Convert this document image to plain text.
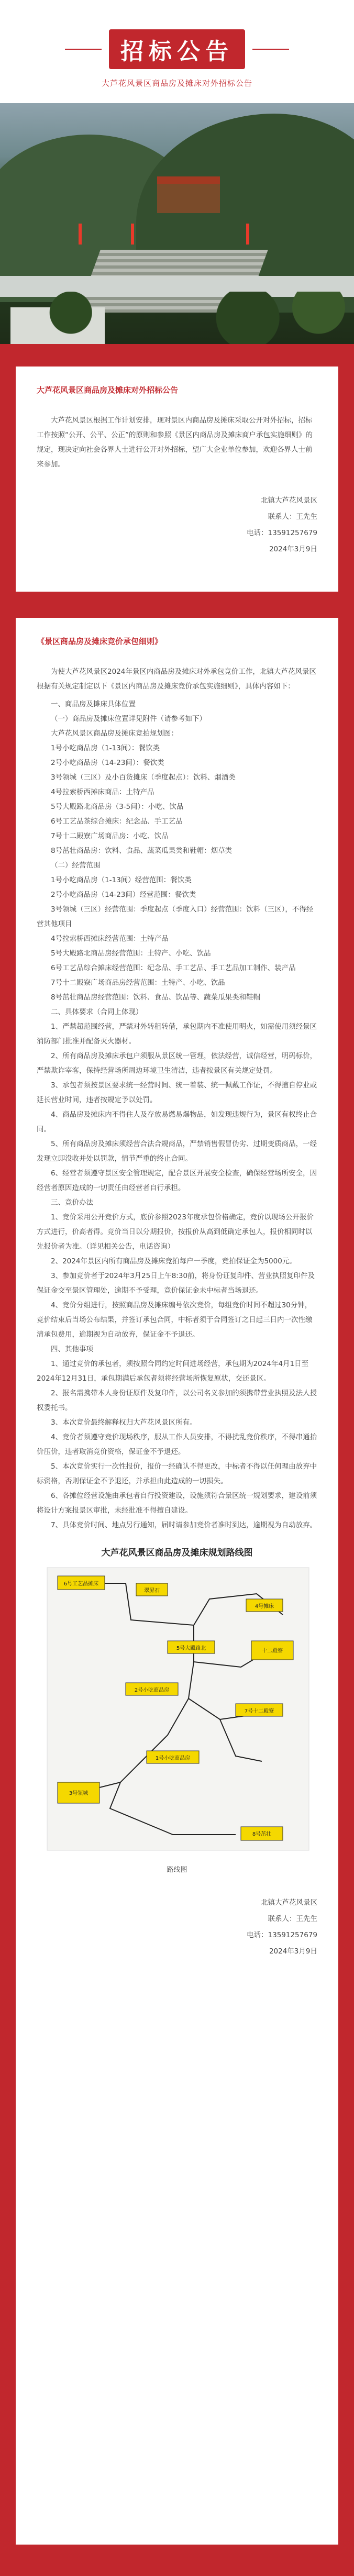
招标公告
大芦花风景区商品房及摊床对外招标公告
大芦花风景区商品房及摊床对外招标公告

大芦花风景区根据工作计划安排，现对景区内商品房及摊床采取公开对外招标，招标工作按照“公开、公平、公正”的原则和参照《景区内商品房及摊床商户承包实施细则》的规定，现决定向社会各界人士进行公开对外招标，望广大企业单位参加，欢迎各界人士前来参加。

北镇大芦花风景区
联系人：王先生
电话：13591257679
2024年3月9日
《景区商品房及摊床竞价承包细则》

为使大芦花风景区2024年景区内商品房及摊床对外承包竞价工作，北镇大芦花风景区根据有关规定制定以下《景区内商品房及摊床竞价承包实施细则》，具体内容如下：

一、商品房及摊床具体位置

（一）商品房及摊床位置详见附件（请参考如下）

大芦花风景区商品房及摊床竞拍规划图：

1号小吃商品房（1-13间）：餐饮类

2号小吃商品房（14-23间）：餐饮类

3号领城（三区）及小百货摊床（季度起点）：饮料、烟酒类

4号拉索桥西摊床商品：土特产品

5号大殿路北商品房（3-5间）：小吃、饮品

6号工艺品茶综合摊床：纪念品、手工艺品

7号十二殿寮广场商品房：小吃、饮品

8号茁壮商品房：饮料、食品、蔬菜瓜果类和鞋帽：烟草类

（二）经营范围

1号小吃商品房（1-13间）经营范围：餐饮类

2号小吃商品房（14-23间）经营范围：餐饮类

3号领城（三区）经营范围：季度起点（季度入口）经营范围：饮料（三区），不得经营其他项目

4号拉索桥西摊床经营范围：土特产品

5号大殿路北商品房经营范围：土特产、小吃、饮品

6号工艺品综合摊床经营范围：纪念品、手工艺品、手工艺品加工制作、装产品

7号十二殿寮广场商品房经营范围：土特产、小吃、饮品

8号茁壮商品房经营范围：饮料、食品、饮品等、蔬菜瓜果类和鞋帽

二、具体要求（合同上体现）

1、严禁超范围经营，严禁对外转租转借，承包期内不准使用明火，如需使用须经景区消防部门批准并配备灭火器材。

2、所有商品房及摊床承包户须服从景区统一管理，依法经营，诚信经营，明码标价，严禁欺诈宰客，保持经营场所周边环境卫生清洁，违者按景区有关规定处罚。

3、承包者须按景区要求统一经营时间、统一着装、统一佩戴工作证，不得擅自停业或延长营业时间，违者按规定予以处罚。

4、商品房及摊床内不得住人及存放易燃易爆物品，如发现违规行为，景区有权终止合同。

5、所有商品房及摊床须经营合法合规商品，严禁销售假冒伪劣、过期变质商品，一经发现立即没收并处以罚款，情节严重的终止合同。

6、经营者须遵守景区安全管理规定，配合景区开展安全检查，确保经营场所安全，因经营者原因造成的一切责任由经营者自行承担。

三、竞价办法

1、竞价采用公开竞价方式，底价参照2023年度承包价格确定，竞价以现场公开报价方式进行，价高者得。竞价当日以分期报价，按报价从高到低确定承包人，报价相同时以先报价者为准。（详见相关公告，电话咨询）

2、2024年景区内所有商品房及摊床竞拍每户一季度，竞拍保证金为5000元。

3、参加竞价者于2024年3月25日上午8:30前，将身份证复印件、营业执照复印件及保证金交至景区管理处，逾期不予受理，竞价保证金未中标者当场退还。

4、竞价分组进行，按照商品房及摊床编号依次竞价，每组竞价时间不超过30分钟，竞价结束后当场公布结果，并签订承包合同，中标者须于合同签订之日起三日内一次性缴清承包费用，逾期视为自动放弃，保证金不予退还。

四、其他事项

1、通过竞价的承包者，须按照合同约定时间进场经营，承包期为2024年4月1日至2024年12月31日，承包期满后承包者须将经营场所恢复原状，交还景区。

2、报名需携带本人身份证原件及复印件，以公司名义参加的须携带营业执照及法人授权委托书。

3、本次竞价最终解释权归大芦花风景区所有。

4、竞价者须遵守竞价现场秩序，服从工作人员安排，不得扰乱竞价秩序，不得串通抬价压价，违者取消竞价资格，保证金不予退还。

5、本次竞价实行一次性报价，报价一经确认不得更改，中标者不得以任何理由放弃中标资格，否则保证金不予退还，并承担由此造成的一切损失。

6、各摊位经营设施由承包者自行投资建设，设施须符合景区统一规划要求，建设前须将设计方案报景区审批，未经批准不得擅自建设。

7、具体竞价时间、地点另行通知，届时请参加竞价者准时到达，逾期视为自动放弃。

大芦花风景区商品房及摊床规划路线图
6号工艺品摊床
翠屏石
5号大殿路北
4号摊床
十二殿寮
7号十二殿寮
2号小吃商品房
1号小吃商品房
3号领城
8号茁壮
路线图
北镇大芦花风景区
联系人：王先生
电话：13591257679
2024年3月9日
